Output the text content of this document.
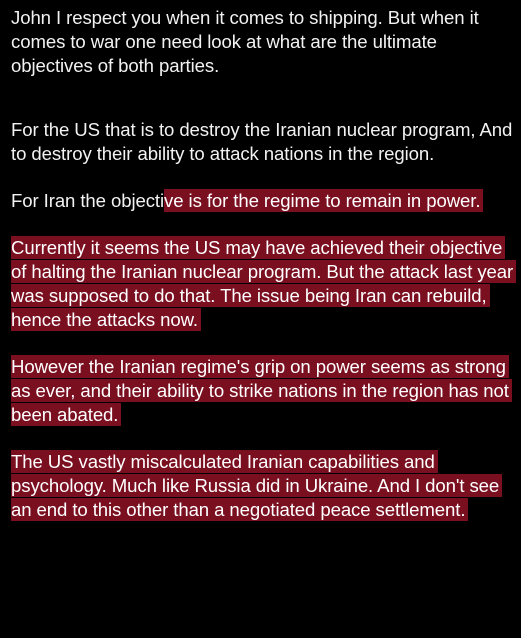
John I respect you when it comes to shipping. But when it comes to war one need look at what are the ultimate objectives of both parties.

For the US that is to destroy the Iranian nuclear program, And to destroy their ability to attack nations in the region.

For Iran the objective is for the regime to remain in power.

Currently it seems the US may have achieved their objective of halting the Iranian nuclear program. But the attack last year was supposed to do that. The issue being Iran can rebuild, hence the attacks now.

However the Iranian regime's grip on power seems as strong as ever, and their ability to strike nations in the region has not been abated.

The US vastly miscalculated Iranian capabilities and psychology. Much like Russia did in Ukraine. And I don't see an end to this other than a negotiated peace settlement.
